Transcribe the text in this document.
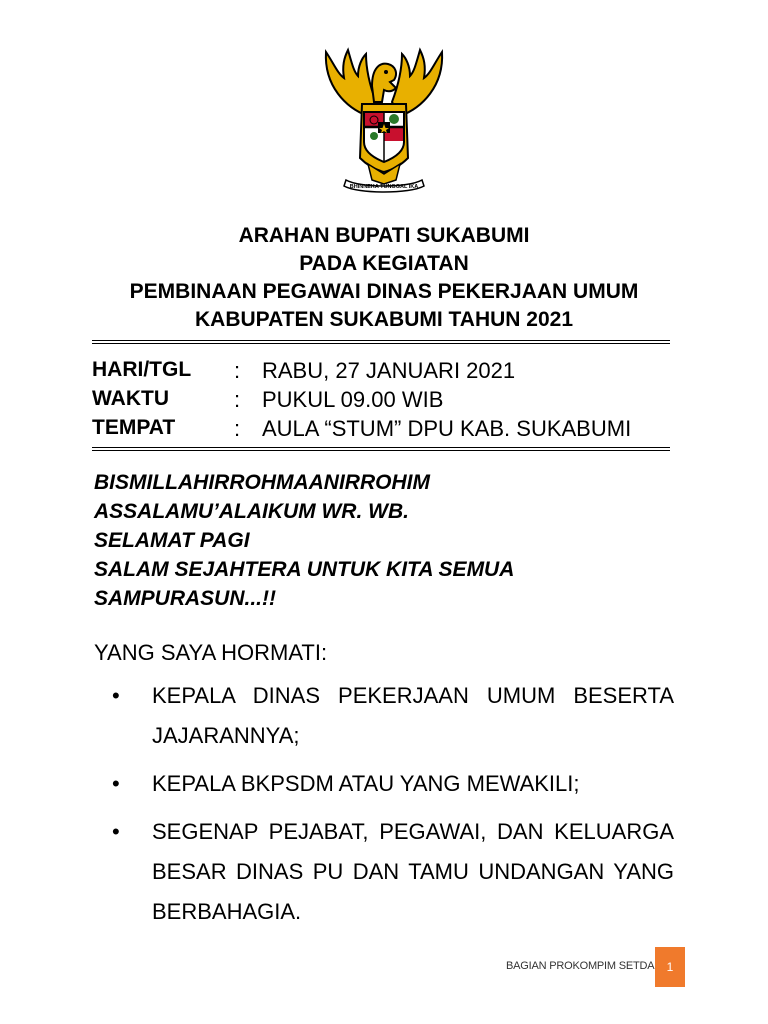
BHINNEKA TUNGGAL IKA
ARAHAN BUPATI SUKABUMI
PADA KEGIATAN
PEMBINAAN PEGAWAI DINAS PEKERJAAN UMUM
KABUPATEN SUKABUMI TAHUN 2021
HARI/TGL : RABU, 27 JANUARI 2021
WAKTU	: PUKUL 09.00 WIB
TEMPAT	: AULA “STUM” DPU KAB. SUKABUMI
BISMILLAHIRROHMAANIRROHIM
ASSALAMU’ALAIKUM WR. WB.
SELAMAT PAGI
SALAM SEJAHTERA UNTUK KITA SEMUA
SAMPURASUN...!!
YANG SAYA HORMATI:
• KEPALA DINAS PEKERJAAN UMUM BESERTA JAJARANNYA;
• KEPALA BKPSDM ATAU YANG MEWAKILI;
• SEGENAP PEJABAT, PEGAWAI, DAN KELUARGA BESAR DINAS PU DAN TAMU UNDANGAN YANG BERBAHAGIA.
BAGIAN PROKOMPIM SETDA	1
